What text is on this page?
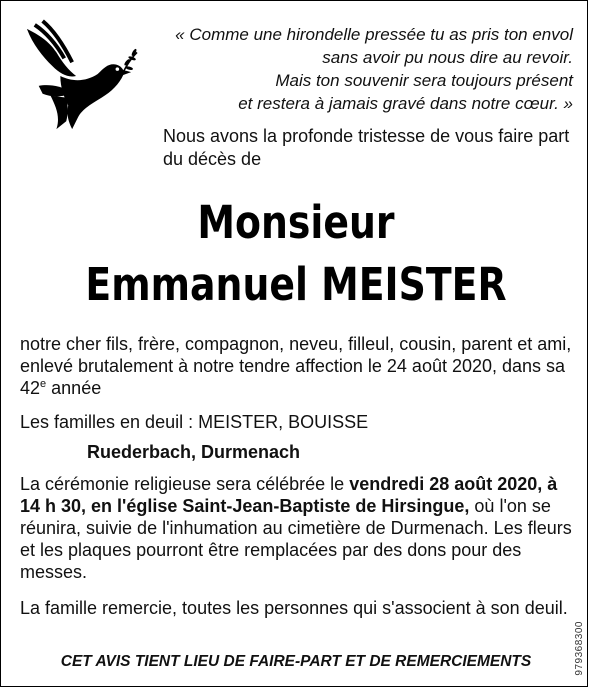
« Comme une hirondelle pressée tu as pris ton envol
sans avoir pu nous dire au revoir.
Mais ton souvenir sera toujours présent
et restera à jamais gravé dans notre cœur. »
Nous avons la profonde tristesse de vous faire part du décès de
Monsieur
Emmanuel MEISTER
notre cher fils, frère, compagnon, neveu, filleul, cousin, parent et ami, enlevé brutalement à notre tendre affection le 24 août 2020, dans sa 42e année
Les familles en deuil : MEISTER, BOUISSE
Ruederbach, Durmenach
La cérémonie religieuse sera célébrée le vendredi 28 août 2020, à 14 h 30, en l'église Saint-Jean-Baptiste de Hirsingue, où l'on se réunira, suivie de l'inhumation au cimetière de Durmenach. Les fleurs et les plaques pourront être remplacées par des dons pour des messes.
La famille remercie, toutes les personnes qui s'associent à son deuil.
CET AVIS TIENT LIEU DE FAIRE-PART ET DE REMERCIEMENTS	979368300
